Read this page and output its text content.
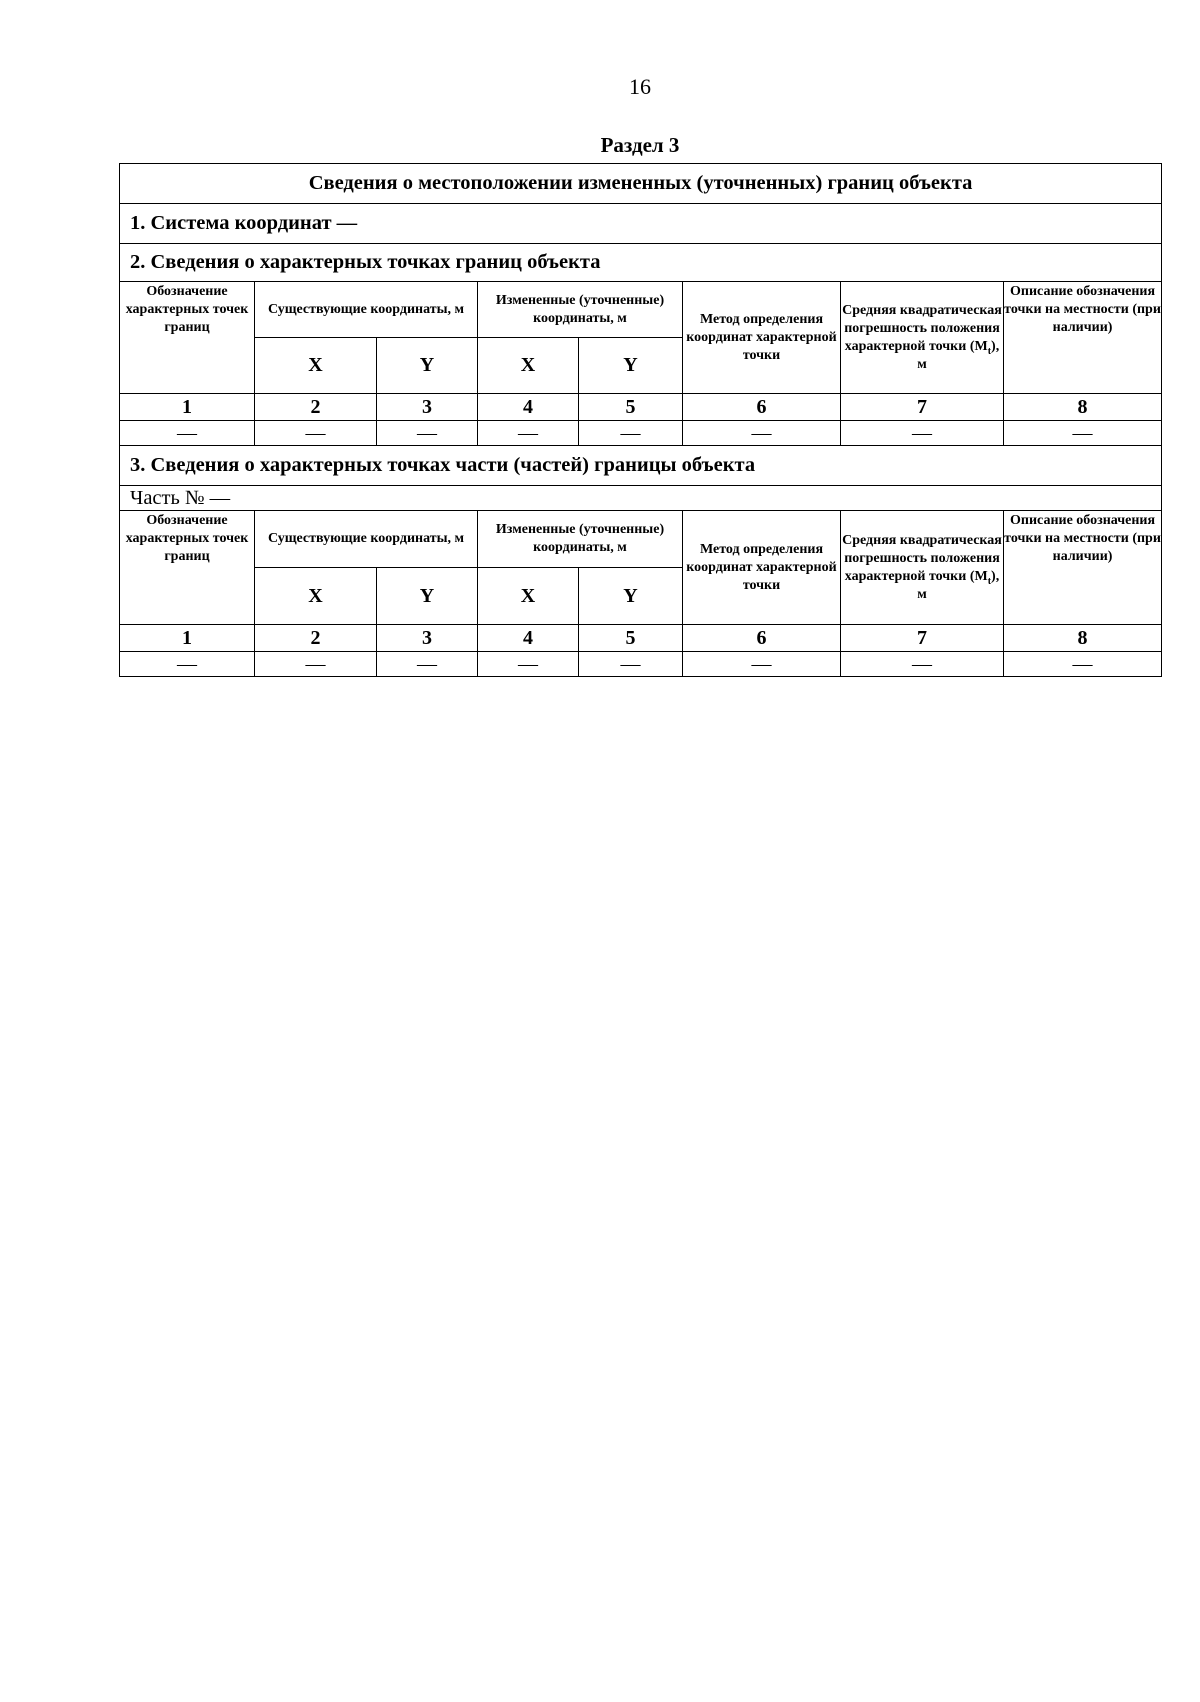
16
Раздел 3
Сведения о местоположении измененных (уточненных) границ объекта							
1. Система координат —							
2. Сведения о характерных точках границ объекта							
Обозначение характерных точек границ	Существующие координаты, м		Измененные (уточненные) координаты, м		Метод определения координат характерной точки	Средняя квадратическая погрешность положения характерной точки $(M_t)$, м	Описание обозначения точки на местности (при наличии)
	X	Y	X	Y			
1	2	3	4	5	6	7	8
—	—	—	—	—	—	—	—
3. Сведения о характерных точках части (частей) границы объекта							
Часть № —							
Обозначение характерных точек границ	Существующие координаты, м		Измененные (уточненные) координаты, м		Метод определения координат характерной точки	Средняя квадратическая погрешность положения характерной точки $(M_t)$, м	Описание обозначения точки на местности (при наличии)
	X	Y	X	Y			
1	2	3	4	5	6	7	8
—	—	—	—	—	—	—	—
